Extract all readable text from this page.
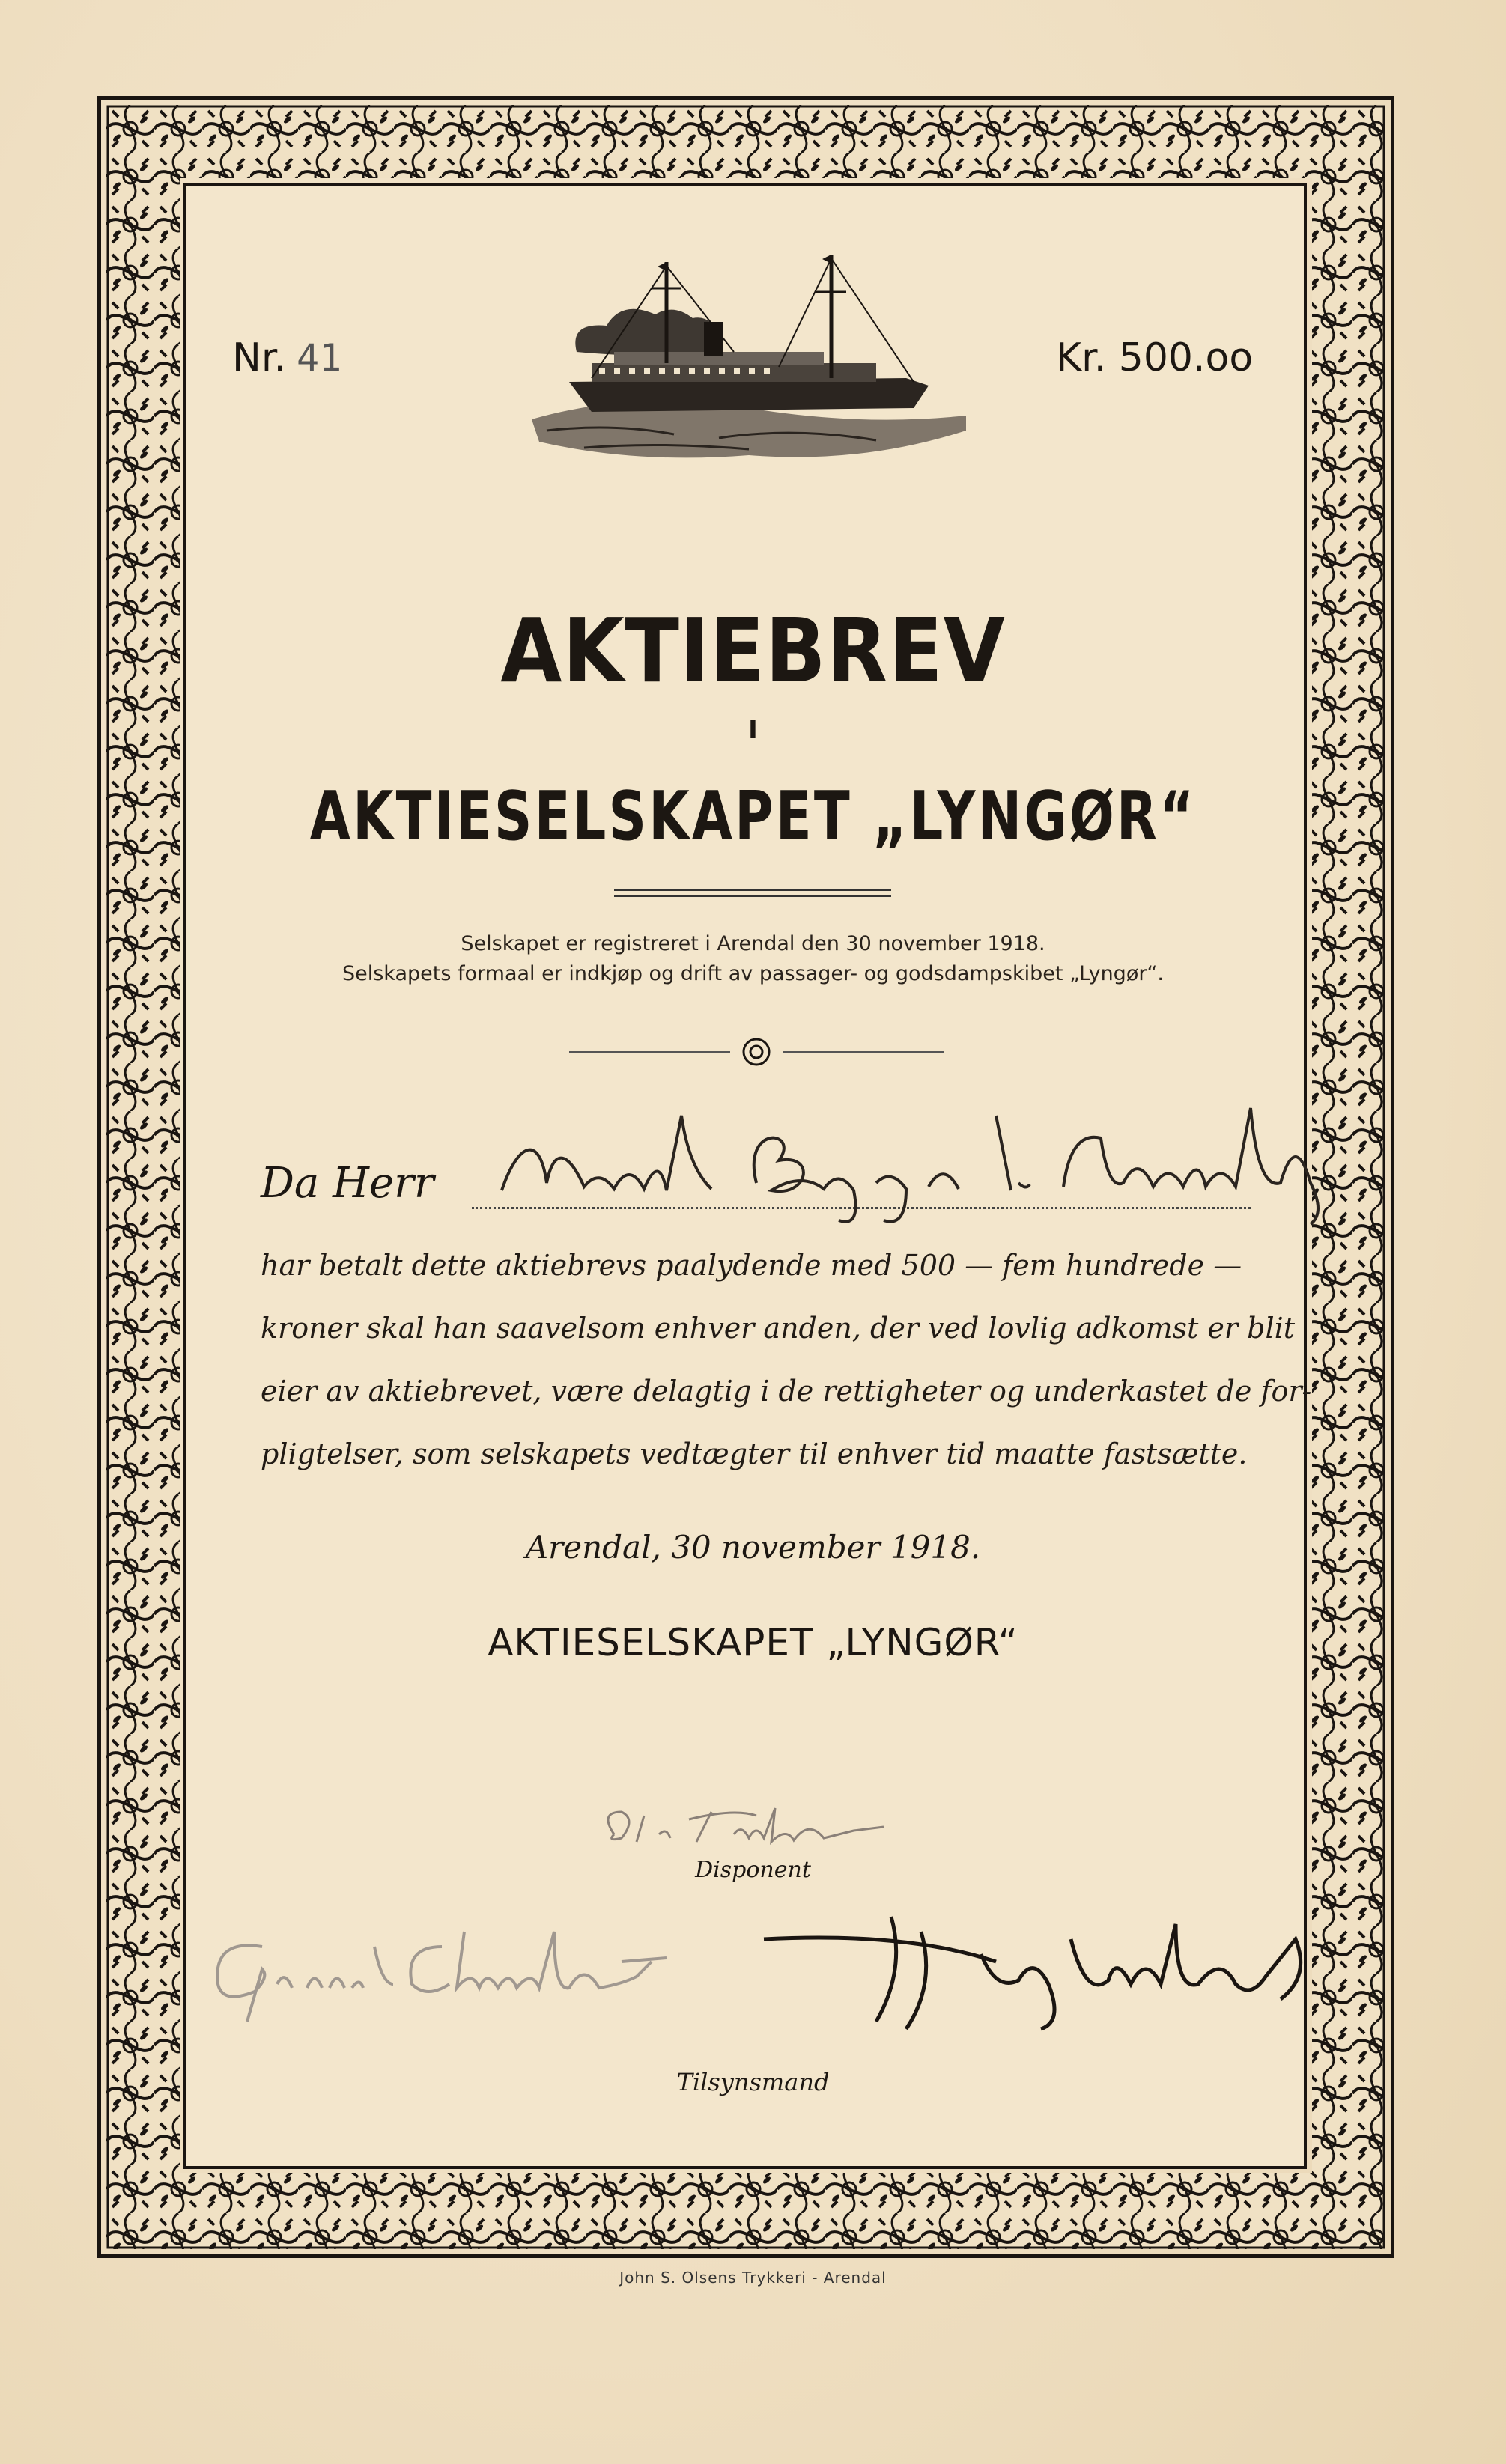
Nr. 41	Kr. 500.oo
AKTIEBREV
I
AKTIESELSKAPET „LYNGØR“
Selskapet er registreret i Arendal den 30 november 1918.
Selskapets formaal er indkjøp og drift av passager- og godsdampskibet „Lyngør“.
Da Herr
har betalt dette aktiebrevs paalydende med 500 — fem hundrede —
kroner skal han saavelsom enhver anden, der ved lovlig adkomst er blit
eier av aktiebrevet, være delagtig i de rettigheter og underkastet de for-
pligtelser, som selskapets vedtægter til enhver tid maatte fastsætte.
Arendal, 30 november 1918.
AKTIESELSKAPET „LYNGØR“
Disponent
Tilsynsmand
John S. Olsens Trykkeri - Arendal
